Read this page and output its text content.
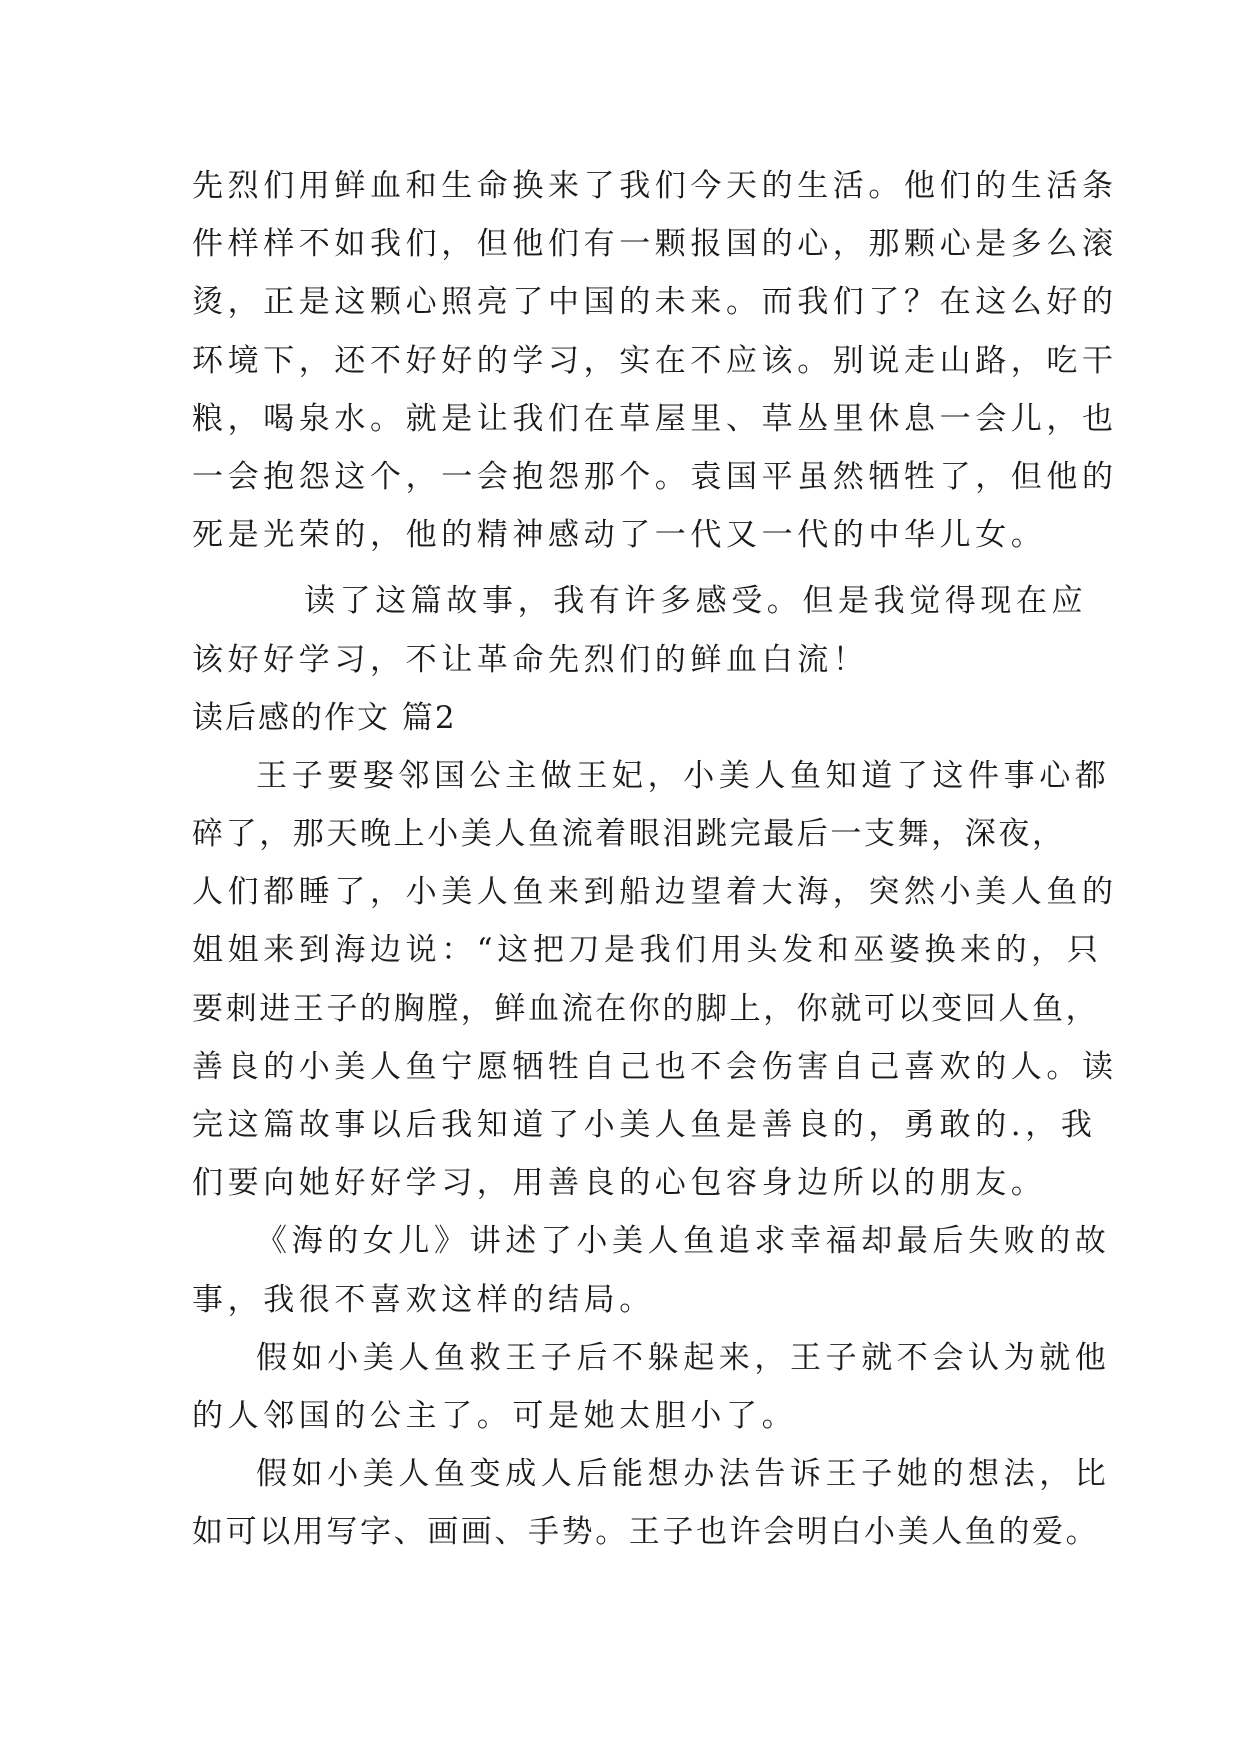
先烈们用鲜血和生命换来了我们今天的生活。他们的生活条
件样样不如我们，但他们有一颗报国的心，那颗心是多么滚
烫，正是这颗心照亮了中国的未来。而我们了？在这么好的
环境下，还不好好的学习，实在不应该。别说走山路，吃干
粮，喝泉水。就是让我们在草屋里、草丛里休息一会儿，也
一会抱怨这个，一会抱怨那个。袁国平虽然牺牲了，但他的
死是光荣的，他的精神感动了一代又一代的中华儿女。
读了这篇故事，我有许多感受。但是我觉得现在应
该好好学习，不让革命先烈们的鲜血白流！
读后感的作文 篇2
王子要娶邻国公主做王妃，小美人鱼知道了这件事心都
碎了，那天晚上小美人鱼流着眼泪跳完最后一支舞，深夜，
人们都睡了，小美人鱼来到船边望着大海，突然小美人鱼的
姐姐来到海边说：“这把刀是我们用头发和巫婆换来的，只
要刺进王子的胸膛，鲜血流在你的脚上，你就可以变回人鱼，
善良的小美人鱼宁愿牺牲自己也不会伤害自己喜欢的人。读
完这篇故事以后我知道了小美人鱼是善良的，勇敢的.，我
们要向她好好学习，用善良的心包容身边所以的朋友。
《海的女儿》讲述了小美人鱼追求幸福却最后失败的故
事，我很不喜欢这样的结局。
假如小美人鱼救王子后不躲起来，王子就不会认为就他
的人邻国的公主了。可是她太胆小了。
假如小美人鱼变成人后能想办法告诉王子她的想法，比
如可以用写字、画画、手势。王子也许会明白小美人鱼的爱。
